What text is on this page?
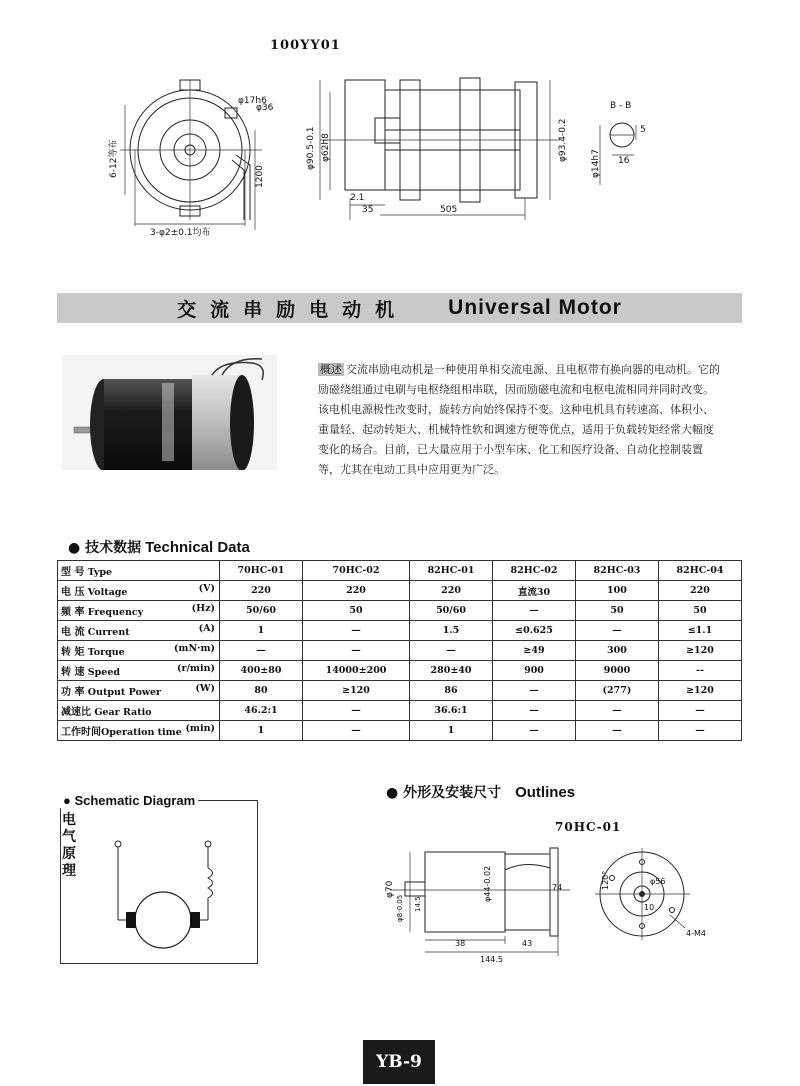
100YY01
φ17h6
φ36
6-12等布	1200
3-φ2±0.1均布
φ90.5-0.1 φ62h8
2.1
35	505
φ93.4-0.2
B - B
5
16
φ14h7
交流串励电动机 Universal Motor
概述 交流串励电动机是一种使用单相交流电源、且电枢带有换向器的电动机。它的励磁绕组通过电刷与电枢绕组相串联，因而励磁电流和电枢电流相同并同时改变。该电机电源极性改变时，旋转方向始终保持不变。这种电机具有转速高、体积小、重量轻、起动转矩大、机械特性软和调速方便等优点，适用于负载转矩经常大幅度变化的场合。目前，已大量应用于小型车床、化工和医疗设备、自动化控制装置等，尤其在电动工具中应用更为广泛。
● 技术数据 Technical Data
型 号 Type	70HC-01	70HC-02	82HC-01	82HC-02	82HC-03	82HC-04
电 压 Voltage (V)	220	220	220	直流30	100	220
频 率 Frequency (Hz)	50/60	50	50/60	—	50	50
电 流 Current (A)	1	—	1.5	≤0.625	—	≤1.1
转 矩 Torque (mN·m)	—	—	—	≥49	300	≥120
转 速 Speed (r/min)	400±80	14000±200	280±40	900	9000	--
功 率 Output Power (W)	80	≥120	86	—	(277)	≥120
减速比 Gear Ratio	46.2:1	—	36.6:1	—	—	—
工作时间Operation time (min)	1	—	1	—	—	—
● Schematic Diagram
电气原理
● 外形及安装尺寸 Outlines
70HC-01
φ70
φ8-0.05 14.5
φ44-0.02	74
38	43
144.5
120°	φ56
10
4-M4
YB-9
